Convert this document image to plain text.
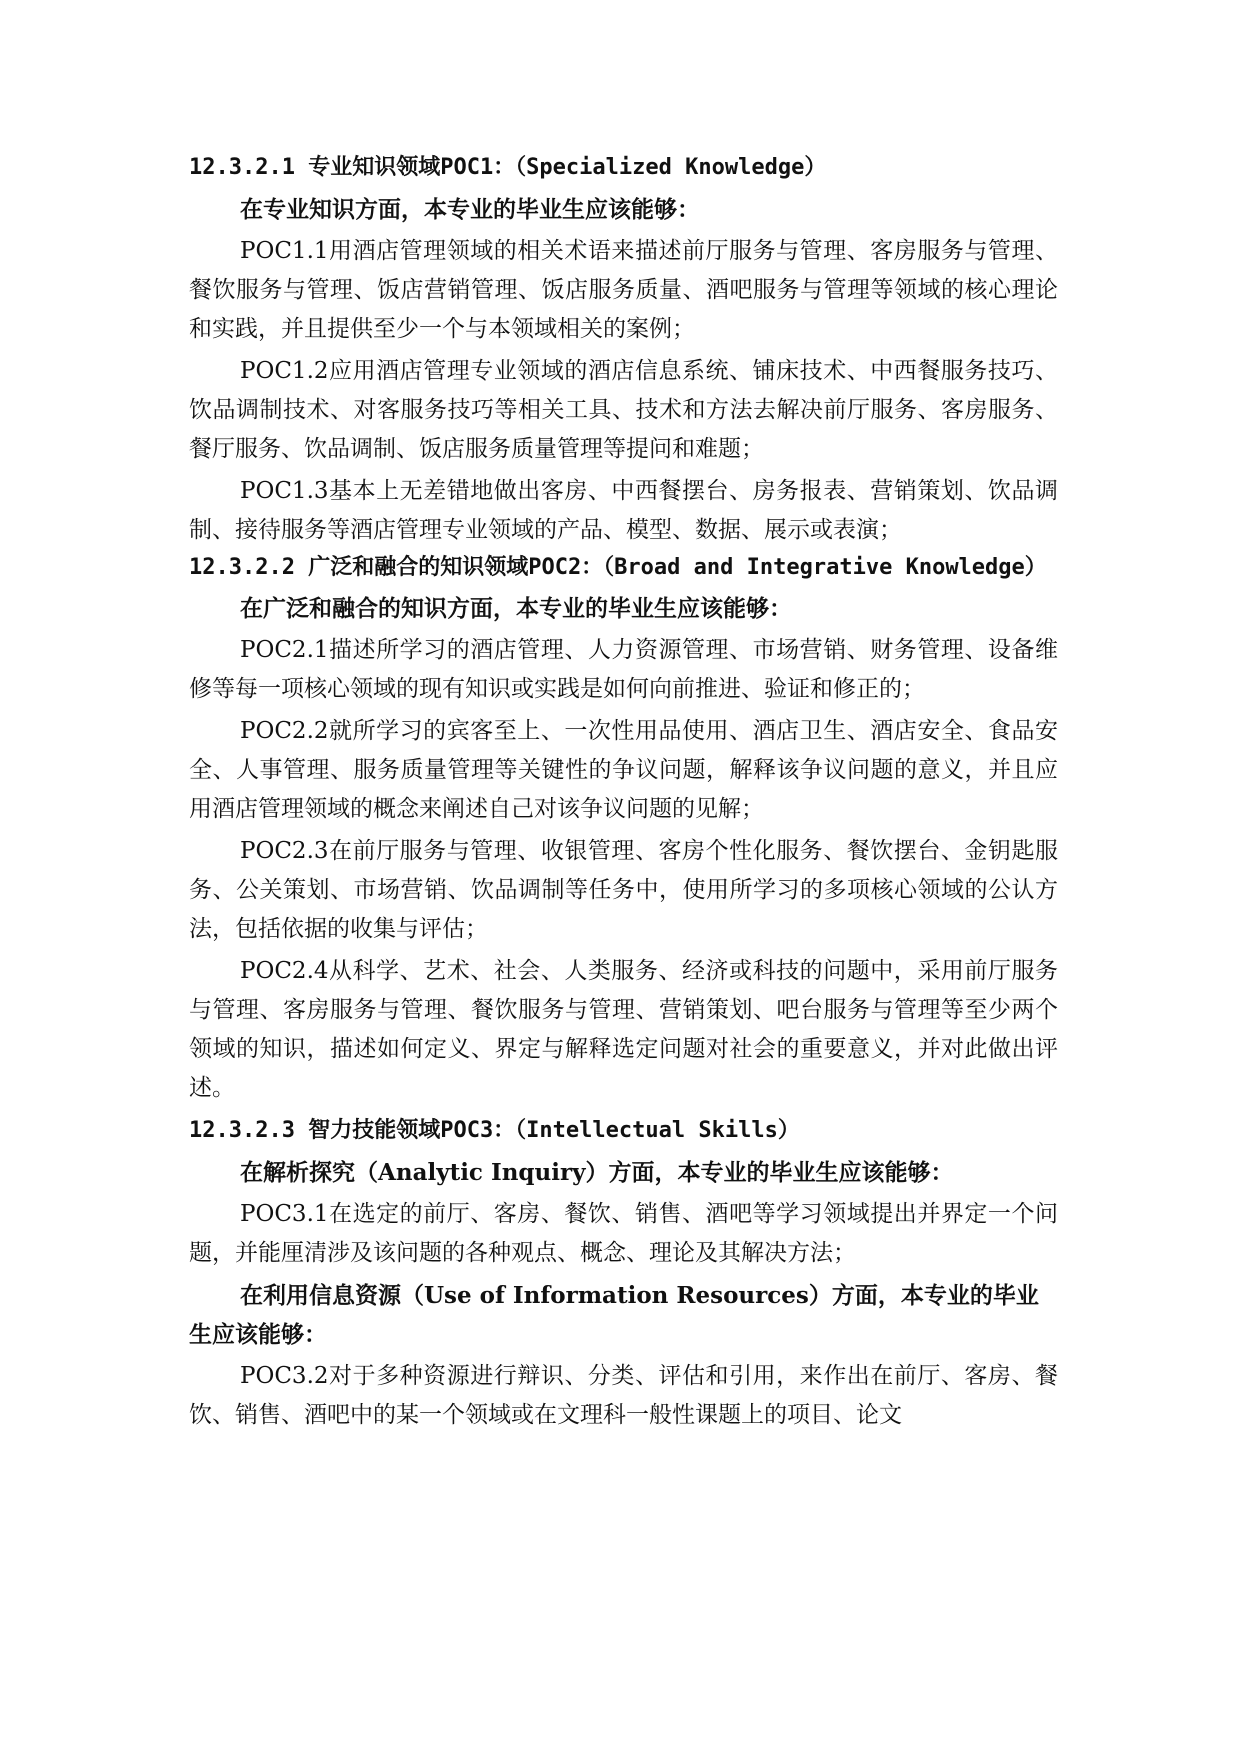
12.3.2.1 专业知识领域POC1：（Specialized Knowledge）
在专业知识方面，本专业的毕业生应该能够：
POC1.1用酒店管理领域的相关术语来描述前厅服务与管理、客房服务与管理、餐饮服务与管理、饭店营销管理、饭店服务质量、酒吧服务与管理等领域的核心理论和实践，并且提供至少一个与本领域相关的案例；
POC1.2应用酒店管理专业领域的酒店信息系统、铺床技术、中西餐服务技巧、饮品调制技术、对客服务技巧等相关工具、技术和方法去解决前厅服务、客房服务、餐厅服务、饮品调制、饭店服务质量管理等提问和难题；
POC1.3基本上无差错地做出客房、中西餐摆台、房务报表、营销策划、饮品调制、接待服务等酒店管理专业领域的产品、模型、数据、展示或表演；
12.3.2.2 广泛和融合的知识领域POC2：（Broad and Integrative Knowledge）
在广泛和融合的知识方面，本专业的毕业生应该能够：
POC2.1描述所学习的酒店管理、人力资源管理、市场营销、财务管理、设备维修等每一项核心领域的现有知识或实践是如何向前推进、验证和修正的；
POC2.2就所学习的宾客至上、一次性用品使用、酒店卫生、酒店安全、食品安全、人事管理、服务质量管理等关键性的争议问题，解释该争议问题的意义，并且应用酒店管理领域的概念来阐述自己对该争议问题的见解；
POC2.3在前厅服务与管理、收银管理、客房个性化服务、餐饮摆台、金钥匙服务、公关策划、市场营销、饮品调制等任务中，使用所学习的多项核心领域的公认方法，包括依据的收集与评估；
POC2.4从科学、艺术、社会、人类服务、经济或科技的问题中，采用前厅服务与管理、客房服务与管理、餐饮服务与管理、营销策划、吧台服务与管理等至少两个领域的知识，描述如何定义、界定与解释选定问题对社会的重要意义，并对此做出评述。
12.3.2.3 智力技能领域POC3：（Intellectual Skills）
在解析探究（Analytic Inquiry）方面，本专业的毕业生应该能够：
POC3.1在选定的前厅、客房、餐饮、销售、酒吧等学习领域提出并界定一个问题，并能厘清涉及该问题的各种观点、概念、理论及其解决方法；
在利用信息资源（Use of Information Resources）方面，本专业的毕业生应该能够：
POC3.2对于多种资源进行辩识、分类、评估和引用，来作出在前厅、客房、餐饮、销售、酒吧中的某一个领域或在文理科一般性课题上的项目、论文
